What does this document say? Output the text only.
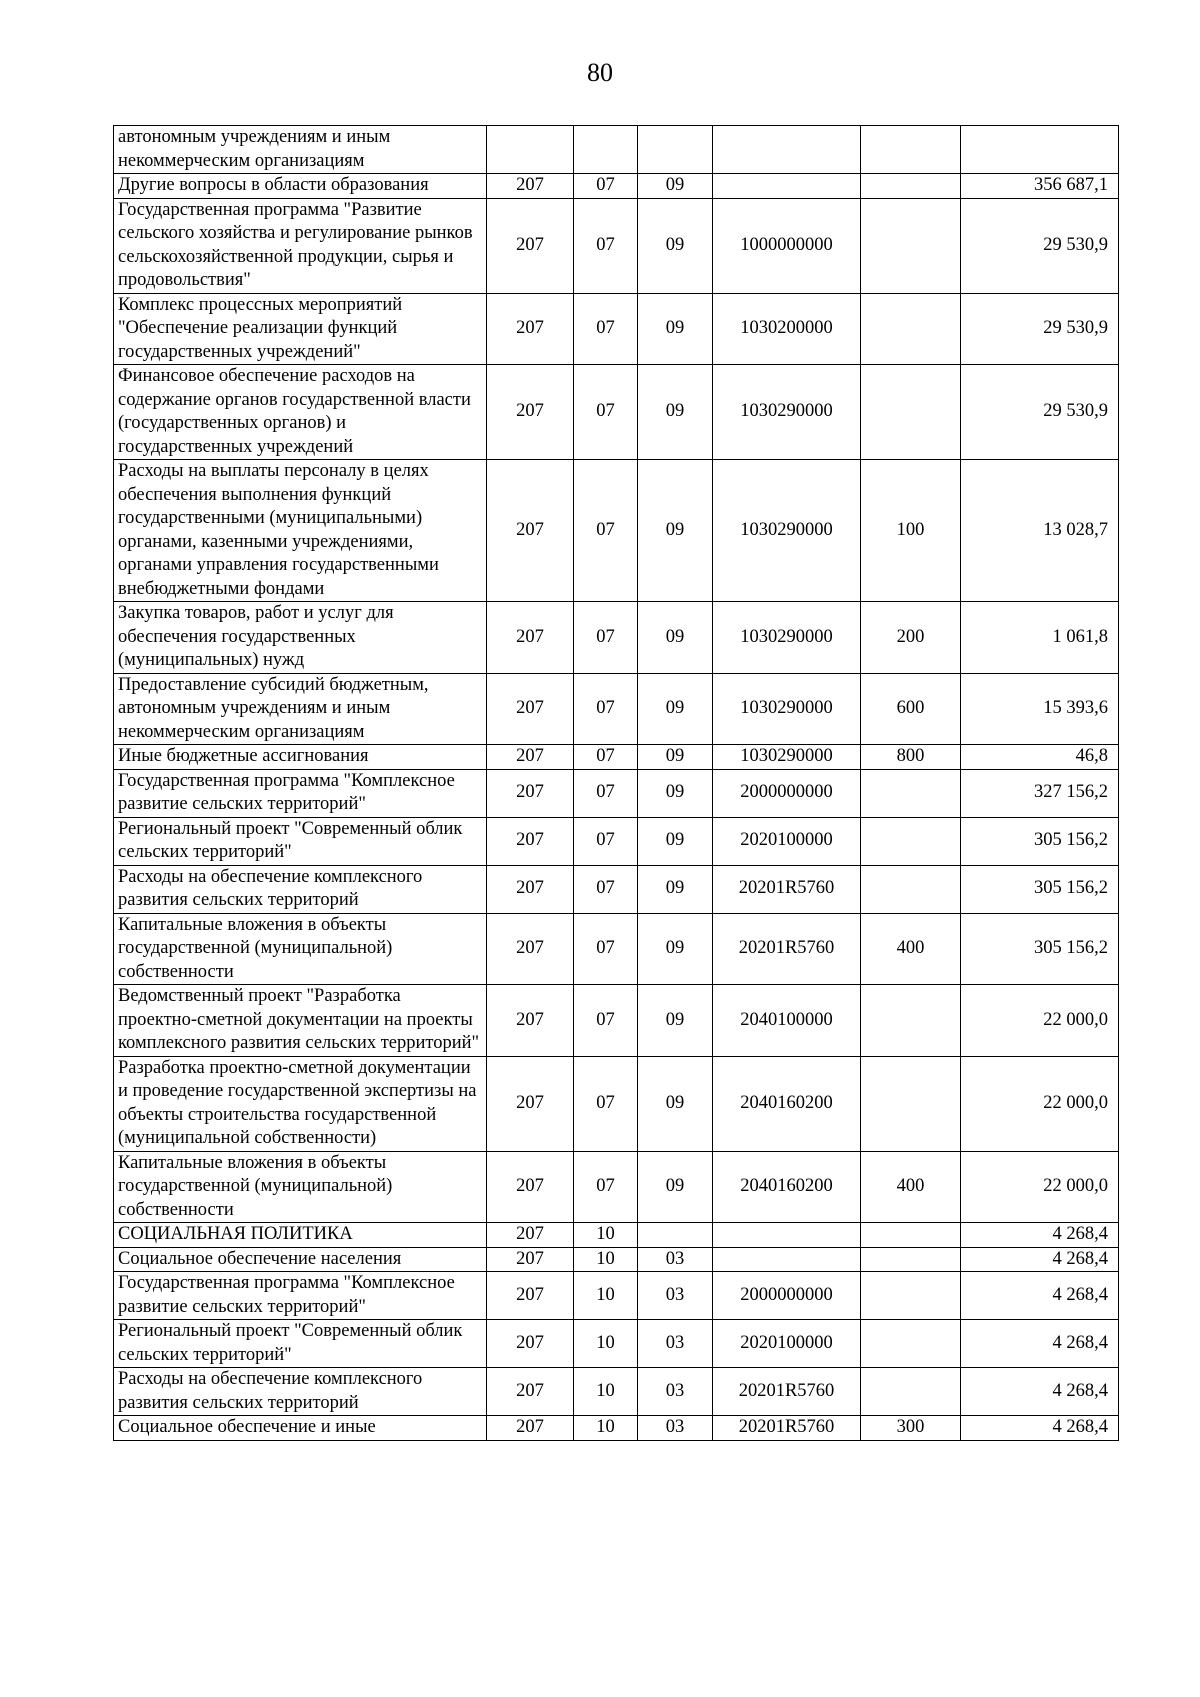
80
автономным учреждениям и иным некоммерческим организациям						
Другие вопросы в области образования	207	07	09			356 687,1
Государственная программа "Развитие сельского хозяйства и регулирование рынков сельскохозяйственной продукции, сырья и продовольствия"	207	07	09	1000000000		29 530,9
Комплекс процессных мероприятий "Обеспечение реализации функций государственных учреждений"	207	07	09	1030200000		29 530,9
Финансовое обеспечение расходов на содержание органов государственной власти (государственных органов) и государственных учреждений	207	07	09	1030290000		29 530,9
Расходы на выплаты персоналу в целях обеспечения выполнения функций государственными (муниципальными) органами, казенными учреждениями, органами управления государственными внебюджетными фондами	207	07	09	1030290000	100	13 028,7
Закупка товаров, работ и услуг для обеспечения государственных (муниципальных) нужд	207	07	09	1030290000	200	1 061,8
Предоставление субсидий бюджетным, автономным учреждениям и иным некоммерческим организациям	207	07	09	1030290000	600	15 393,6
Иные бюджетные ассигнования	207	07	09	1030290000	800	46,8
Государственная программа "Комплексное развитие сельских территорий"	207	07	09	2000000000		327 156,2
Региональный проект "Современный облик сельских территорий"	207	07	09	2020100000		305 156,2
Расходы на обеспечение комплексного развития сельских территорий	207	07	09	20201R5760		305 156,2
Капитальные вложения в объекты государственной (муниципальной) собственности	207	07	09	20201R5760	400	305 156,2
Ведомственный проект "Разработка проектно-сметной документации на проекты комплексного развития сельских территорий"	207	07	09	2040100000		22 000,0
Разработка проектно-сметной документации и проведение государственной экспертизы на объекты строительства государственной (муниципальной собственности)	207	07	09	2040160200		22 000,0
Капитальные вложения в объекты государственной (муниципальной) собственности	207	07	09	2040160200	400	22 000,0
СОЦИАЛЬНАЯ ПОЛИТИКА	207	10				4 268,4
Социальное обеспечение населения	207	10	03			4 268,4
Государственная программа "Комплексное развитие сельских территорий"	207	10	03	2000000000		4 268,4
Региональный проект "Современный облик сельских территорий"	207	10	03	2020100000		4 268,4
Расходы на обеспечение комплексного развития сельских территорий	207	10	03	20201R5760		4 268,4
Социальное обеспечение и иные	207	10	03	20201R5760	300	4 268,4
